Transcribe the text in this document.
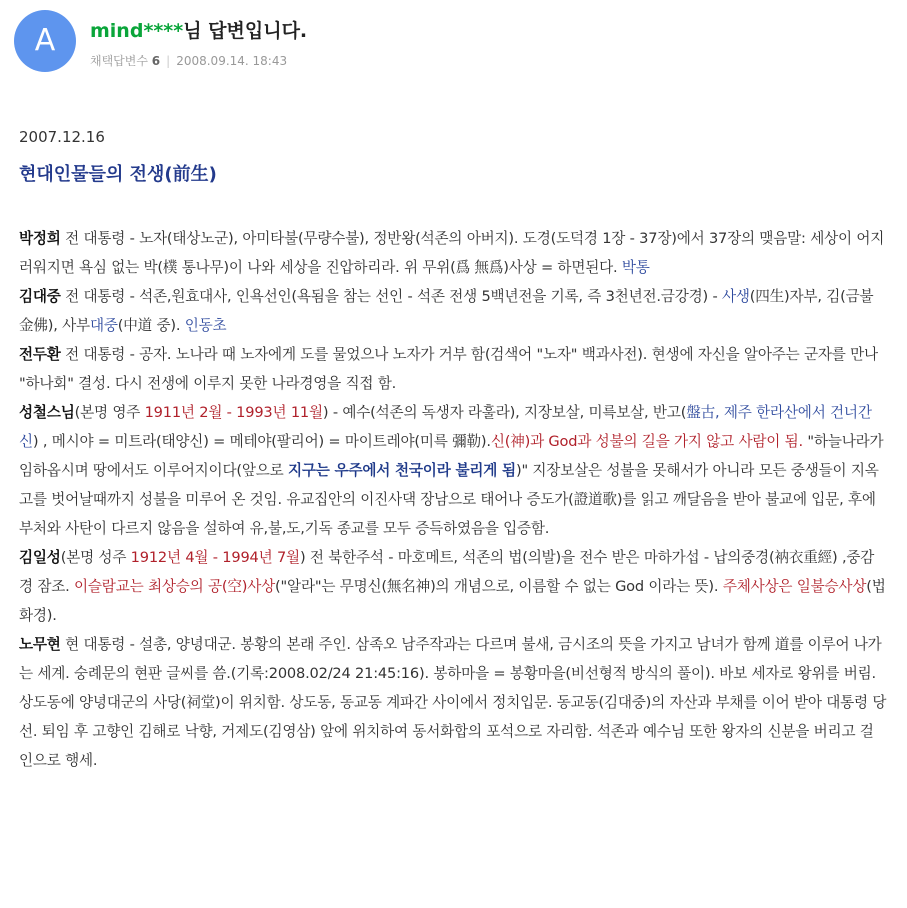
A	mind****님 답변입니다.
채택답변수 6 | 2008.09.14. 18:43
2007.12.16
현대인물들의 전생(前生)

박정희 전 대통령 - 노자(태상노군), 아미타불(무량수불), 정반왕(석존의 아버지). 도경(도덕경 1장 - 37장)에서 37장의 맺음말: 세상이 어지러워지면 욕심 없는 박(樸 통나무)이 나와 세상을 진압하리라. 위 무위(爲 無爲)사상 = 하면된다. 박통

김대중 전 대통령 - 석존,원효대사, 인욕선인(욕됨을 참는 선인 - 석존 전생 5백년전을 기록, 즉 3천년전.금강경) - 사생(四生)자부, 김(금불 金佛), 사부대중(中道 중). 인동초

전두환 전 대통령 - 공자. 노나라 때 노자에게 도를 물었으나 노자가 거부 함(검색어 "노자" 백과사전). 현생에 자신을 알아주는 군자를 만나 "하나회" 결성. 다시 전생에 이루지 못한 나라경영을 직접 함.

성철스님(본명 영주 1911년 2월 - 1993년 11월) - 예수(석존의 독생자 라훌라), 지장보살, 미륵보살, 반고(盤古, 제주 한라산에서 건너간 신) , 메시야 = 미트라(태양신) = 메테야(팔리어) = 마이트레야(미륵 彌勒).신(神)과 God과 성불의 길을 가지 않고 사람이 됨. "하늘나라가 임하옵시며 땅에서도 이루어지이다(앞으로 지구는 우주에서 천국이라 불리게 됨)" 지장보살은 성불을 못해서가 아니라 모든 중생들이 지옥고를 벗어날때까지 성불을 미루어 온 것임. 유교집안의 이진사댁 장남으로 태어나 증도가(證道歌)를 읽고 깨달음을 받아 불교에 입문, 후에 부처와 사탄이 다르지 않음을 설하여 유,불,도,기독 종교를 모두 증득하였음을 입증함.

김일성(본명 성주 1912년 4월 - 1994년 7월) 전 북한주석 - 마호메트, 석존의 법(의발)을 전수 받은 마하가섭 - 납의중경(衲衣重經) ,중감경 잠조. 이슬람교는 최상승의 공(空)사상("알라"는 무명신(無名神)의 개념으로, 이름할 수 없는 God 이라는 뜻). 주체사상은 일불승사상(법화경).

노무현 현 대통령 - 설총, 양녕대군. 봉황의 본래 주인. 삼족오 남주작과는 다르며 불새, 금시조의 뜻을 가지고 남녀가 함께 道를 이루어 나가는 세계. 숭례문의 현판 글씨를 씀.(기록:2008.02/24 21:45:16). 봉하마을 = 봉황마을(비선형적 방식의 풀이). 바보 세자로 왕위를 버림. 상도동에 양녕대군의 사당(祠堂)이 위치함. 상도동, 동교동 계파간 사이에서 정치입문. 동교동(김대중)의 자산과 부채를 이어 받아 대통령 당선. 퇴임 후 고향인 김해로 낙향, 거제도(김영삼) 앞에 위치하여 동서화합의 포석으로 자리함. 석존과 예수님 또한 왕자의 신분을 버리고 걸인으로 행세.
